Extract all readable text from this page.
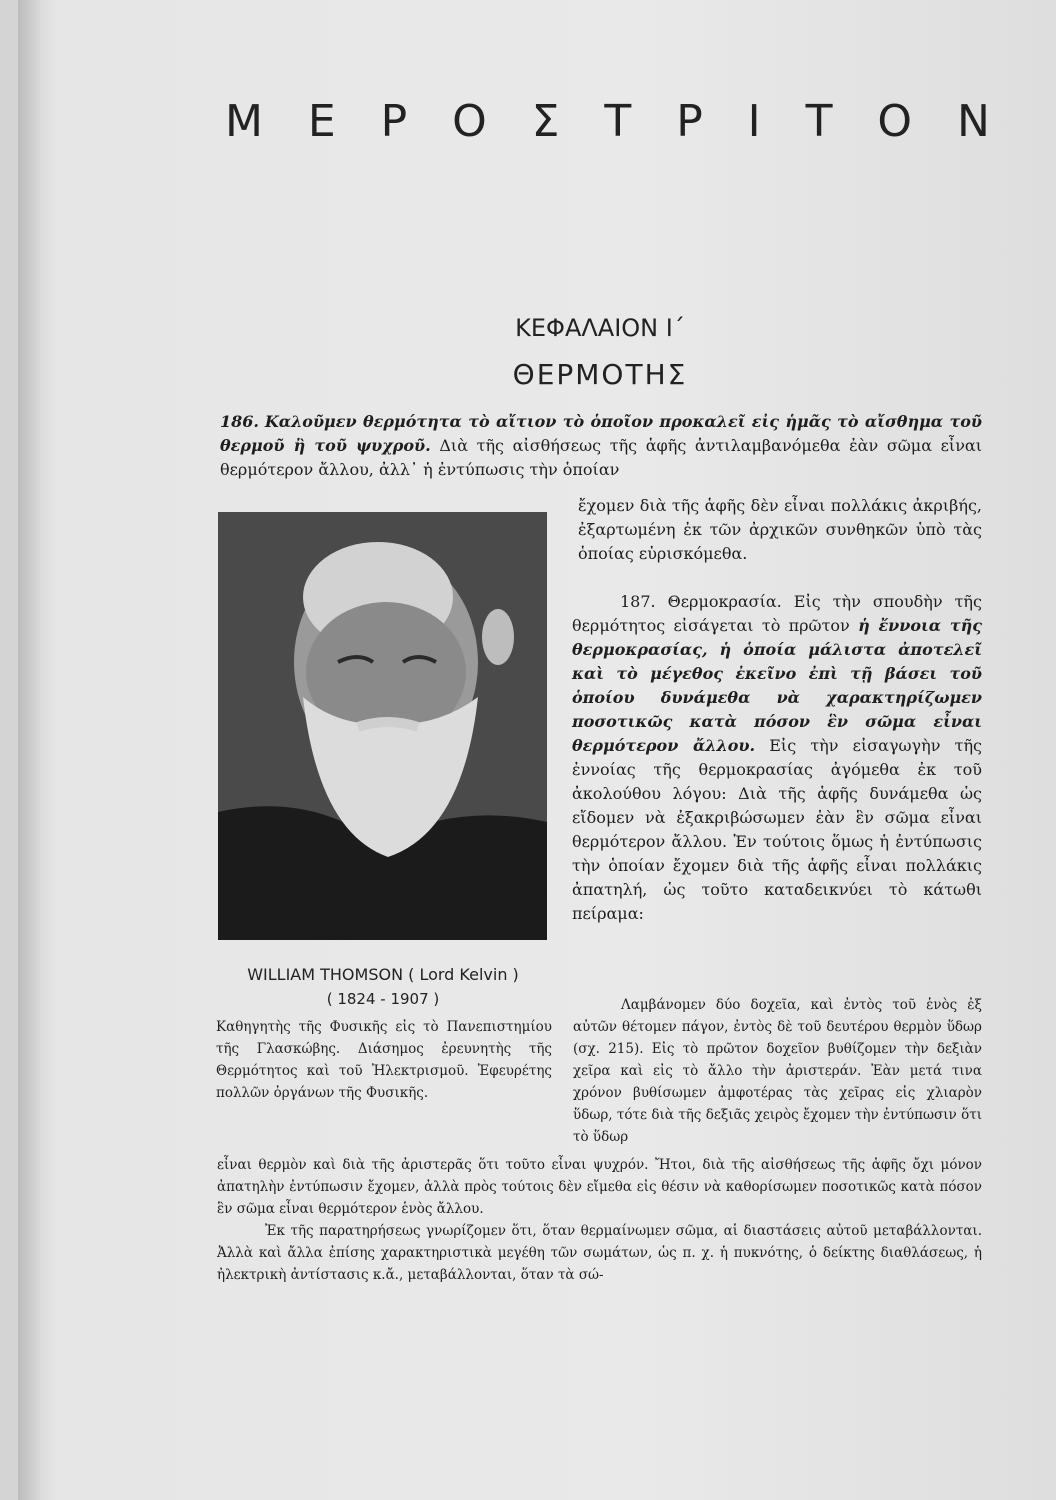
Μ Ε Ρ Ο Σ Τ Ρ Ι Τ Ο Ν
ΚΕΦΑΛΑΙΟΝ Ι΄
ΘΕΡΜΟΤΗΣ
186. Καλοῦμεν θερμότητα τὸ αἴτιον τὸ ὁποῖον προκαλεῖ εἰς ἡμᾶς τὸ αἴσθημα τοῦ θερμοῦ ἢ τοῦ ψυχροῦ. Διὰ τῆς αἰσθήσεως τῆς ἁφῆς ἀντιλαμβανόμεθα ἐὰν σῶμα εἶναι θερμότερον ἄλλου, ἀλλ᾽ ἡ ἐντύπωσις τὴν ὁποίαν
ἔχομεν διὰ τῆς ἁφῆς δὲν εἶναι πολλάκις ἀκριβής, ἐξαρτωμένη ἐκ τῶν ἀρχικῶν συνθηκῶν ὑπὸ τὰς ὁποίας εὑρισκόμεθα.
187. Θερμοκρασία. Εἰς τὴν σπουδὴν τῆς θερμότητος εἰσάγεται τὸ πρῶτον ἡ ἔννοια τῆς θερμοκρασίας, ἡ ὁποία μάλιστα ἀποτελεῖ καὶ τὸ μέγεθος ἐκεῖνο ἐπὶ τῇ βάσει τοῦ ὁποίου δυνάμεθα νὰ χαρακτηρίζωμεν ποσοτικῶς κατὰ πόσον ἓν σῶμα εἶναι θερμότερον ἄλλου. Εἰς τὴν εἰσαγωγὴν τῆς ἐννοίας τῆς θερμοκρασίας ἀγόμεθα ἐκ τοῦ ἀκολούθου λόγου: Διὰ τῆς ἁφῆς δυνάμεθα ὡς εἴδομεν νὰ ἐξακριβώσωμεν ἐὰν ἓν σῶμα εἶναι θερμότερον ἄλλου. Ἐν τούτοις ὅμως ἡ ἐντύπωσις τὴν ὁποίαν ἔχομεν διὰ τῆς ἁφῆς εἶναι πολλάκις ἀπατηλή, ὡς τοῦτο καταδεικνύει τὸ κάτωθι πείραμα:
WILLIAM THOMSON ( Lord Kelvin )
( 1824 - 1907 )
Καθηγητὴς τῆς Φυσικῆς εἰς τὸ Πανεπιστημίου τῆς Γλασκώβης. Διάσημος ἐρευνητὴς τῆς Θερμότητος καὶ τοῦ Ἠλεκτρισμοῦ. Ἐφευρέτης πολλῶν ὀργάνων τῆς Φυσικῆς.
Λαμβάνομεν δύο δοχεῖα, καὶ ἐντὸς τοῦ ἑνὸς ἐξ αὐτῶν θέτομεν πάγον, ἐντὸς δὲ τοῦ δευτέρου θερμὸν ὕδωρ (σχ. 215). Εἰς τὸ πρῶτον δοχεῖον βυθίζομεν τὴν δεξιὰν χεῖρα καὶ εἰς τὸ ἄλλο τὴν ἀριστεράν. Ἐὰν μετά τινα χρόνον βυθίσωμεν ἀμφοτέρας τὰς χεῖρας εἰς χλιαρὸν ὕδωρ, τότε διὰ τῆς δεξιᾶς χειρὸς ἔχομεν τὴν ἐντύπωσιν ὅτι τὸ ὕδωρ
εἶναι θερμὸν καὶ διὰ τῆς ἀριστερᾶς ὅτι τοῦτο εἶναι ψυχρόν. Ἤτοι, διὰ τῆς αἰσθήσεως τῆς ἁφῆς ὄχι μόνον ἀπατηλὴν ἐντύπωσιν ἔχομεν, ἀλλὰ πρὸς τούτοις δὲν εἴμεθα εἰς θέσιν νὰ καθορίσωμεν ποσοτικῶς κατὰ πόσον ἓν σῶμα εἶναι θερμότερον ἑνὸς ἄλλου.
Ἐκ τῆς παρατηρήσεως γνωρίζομεν ὅτι, ὅταν θερμαίνωμεν σῶμα, αἱ διαστάσεις αὐτοῦ μεταβάλλονται. Ἀλλὰ καὶ ἄλλα ἐπίσης χαρακτηριστικὰ μεγέθη τῶν σωμάτων, ὡς π. χ. ἡ πυκνότης, ὁ δείκτης διαθλάσεως, ἡ ἠλεκτρικὴ ἀντίστασις κ.ἄ., μεταβάλλονται, ὅταν τὰ σώ-
